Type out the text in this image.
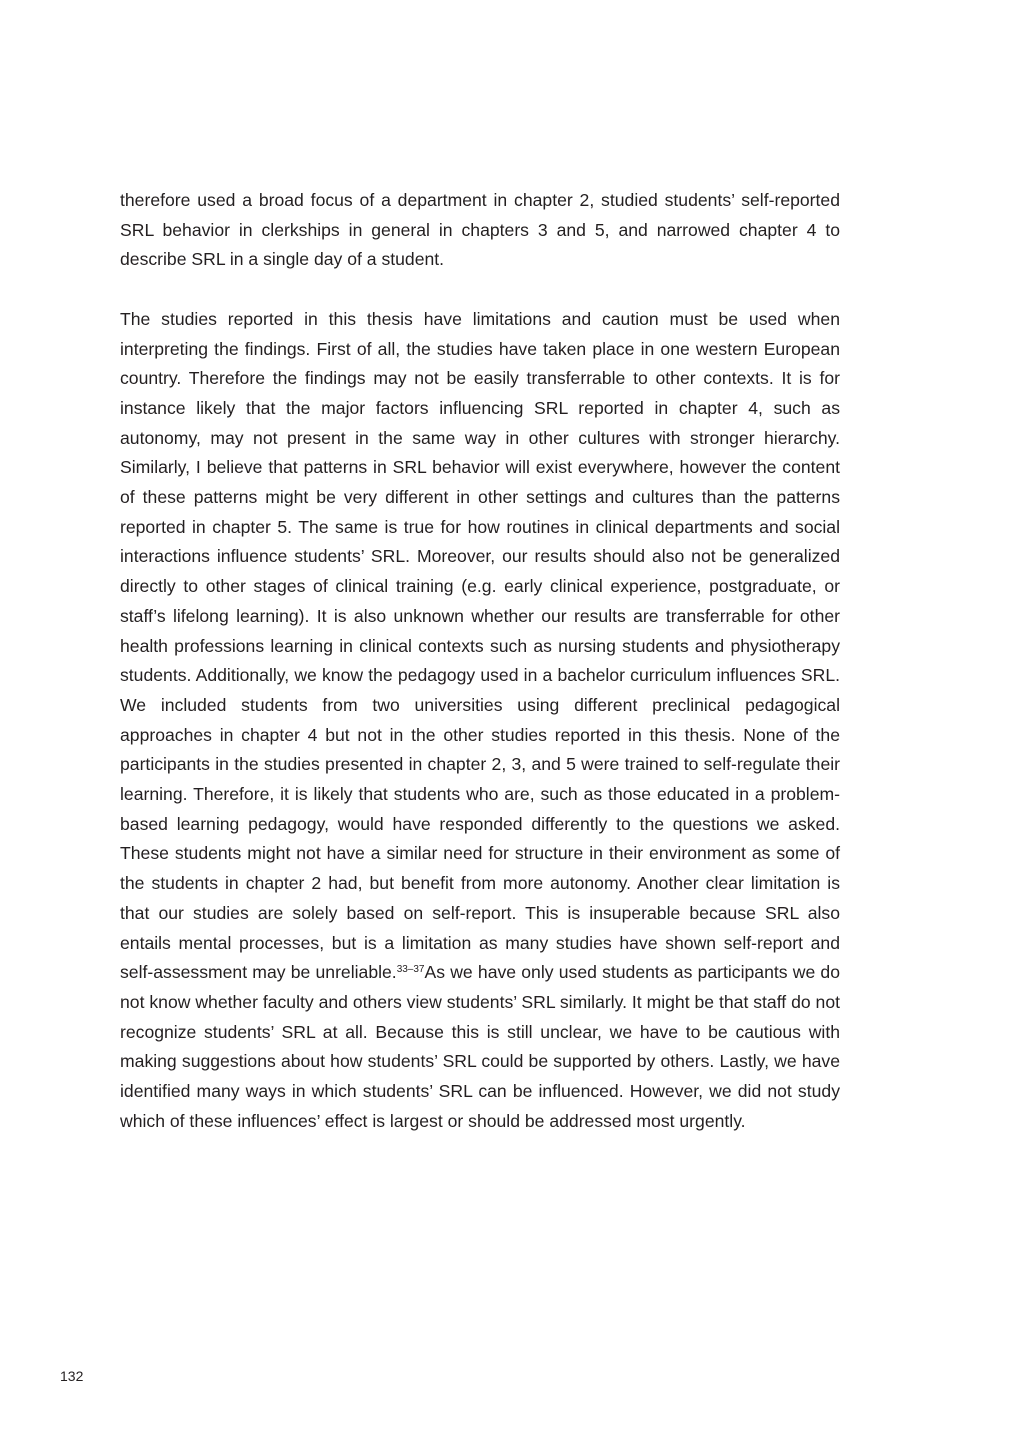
therefore used a broad focus of a department in chapter 2, studied students’ self-reported SRL behavior in clerkships in general in chapters 3 and 5, and narrowed chapter 4 to describe SRL in a single day of a student.

The studies reported in this thesis have limitations and caution must be used when interpreting the findings. First of all, the studies have taken place in one western European country. Therefore the findings may not be easily transferrable to other contexts. It is for instance likely that the major factors influencing SRL reported in chapter 4, such as autonomy, may not present in the same way in other cultures with stronger hierarchy. Similarly, I believe that patterns in SRL behavior will exist everywhere, however the content of these patterns might be very different in other settings and cultures than the patterns reported in chapter 5. The same is true for how routines in clinical departments and social interactions influence students’ SRL. Moreover, our results should also not be generalized directly to other stages of clinical training (e.g. early clinical experience, postgraduate, or staff’s lifelong learning). It is also unknown whether our results are transferrable for other health professions learning in clinical contexts such as nursing students and physiotherapy students. Additionally, we know the pedagogy used in a bachelor curriculum influences SRL. We included students from two universities using different preclinical pedagogical approaches in chapter 4 but not in the other studies reported in this thesis. None of the participants in the studies presented in chapter 2, 3, and 5 were trained to self-regulate their learning. Therefore, it is likely that students who are, such as those educated in a problem-based learning pedagogy, would have responded differently to the questions we asked. These students might not have a similar need for structure in their environment as some of the students in chapter 2 had, but benefit from more autonomy. Another clear limitation is that our studies are solely based on self-report. This is insuperable because SRL also entails mental processes, but is a limitation as many studies have shown self-report and self-assessment may be unreliable.$^{33-37}$As we have only used students as participants we do not know whether faculty and others view students’ SRL similarly. It might be that staff do not recognize students’ SRL at all. Because this is still unclear, we have to be cautious with making suggestions about how students’ SRL could be supported by others. Lastly, we have identified many ways in which students’ SRL can be influenced. However, we did not study which of these influences’ effect is largest or should be addressed most urgently.

132
